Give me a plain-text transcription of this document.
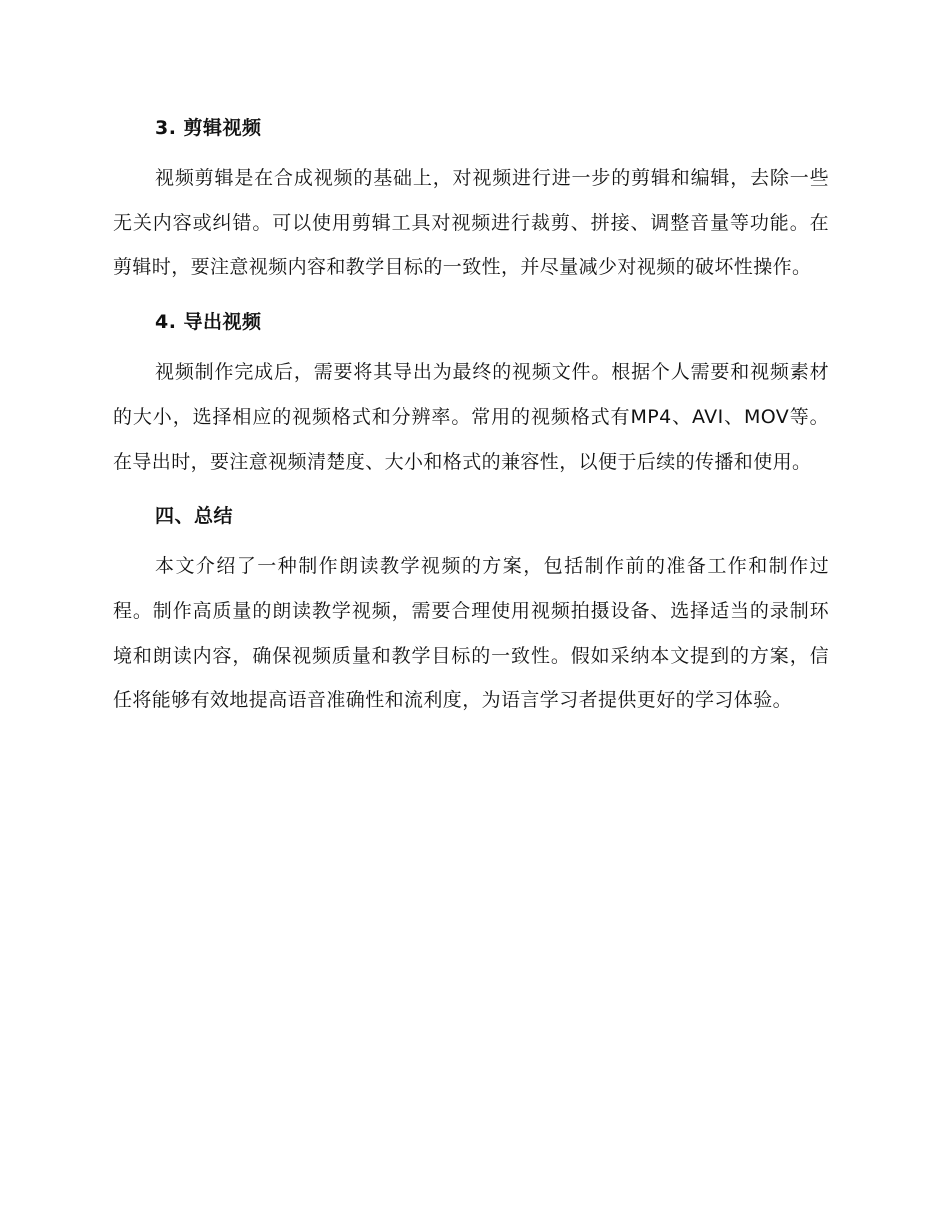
3. 剪辑视频

视频剪辑是在合成视频的基础上，对视频进行进一步的剪辑和编辑，去除一些无关内容或纠错。可以使用剪辑工具对视频进行裁剪、拼接、调整音量等功能。在剪辑时，要注意视频内容和教学目标的一致性，并尽量减少对视频的破坏性操作。

4. 导出视频

视频制作完成后，需要将其导出为最终的视频文件。根据个人需要和视频素材的大小，选择相应的视频格式和分辨率。常用的视频格式有MP4、AVI、MOV等。在导出时，要注意视频清楚度、大小和格式的兼容性，以便于后续的传播和使用。

四、总结

本文介绍了一种制作朗读教学视频的方案，包括制作前的准备工作和制作过程。制作高质量的朗读教学视频，需要合理使用视频拍摄设备、选择适当的录制环境和朗读内容，确保视频质量和教学目标的一致性。假如采纳本文提到的方案，信任将能够有效地提高语音准确性和流利度，为语言学习者提供更好的学习体验。
